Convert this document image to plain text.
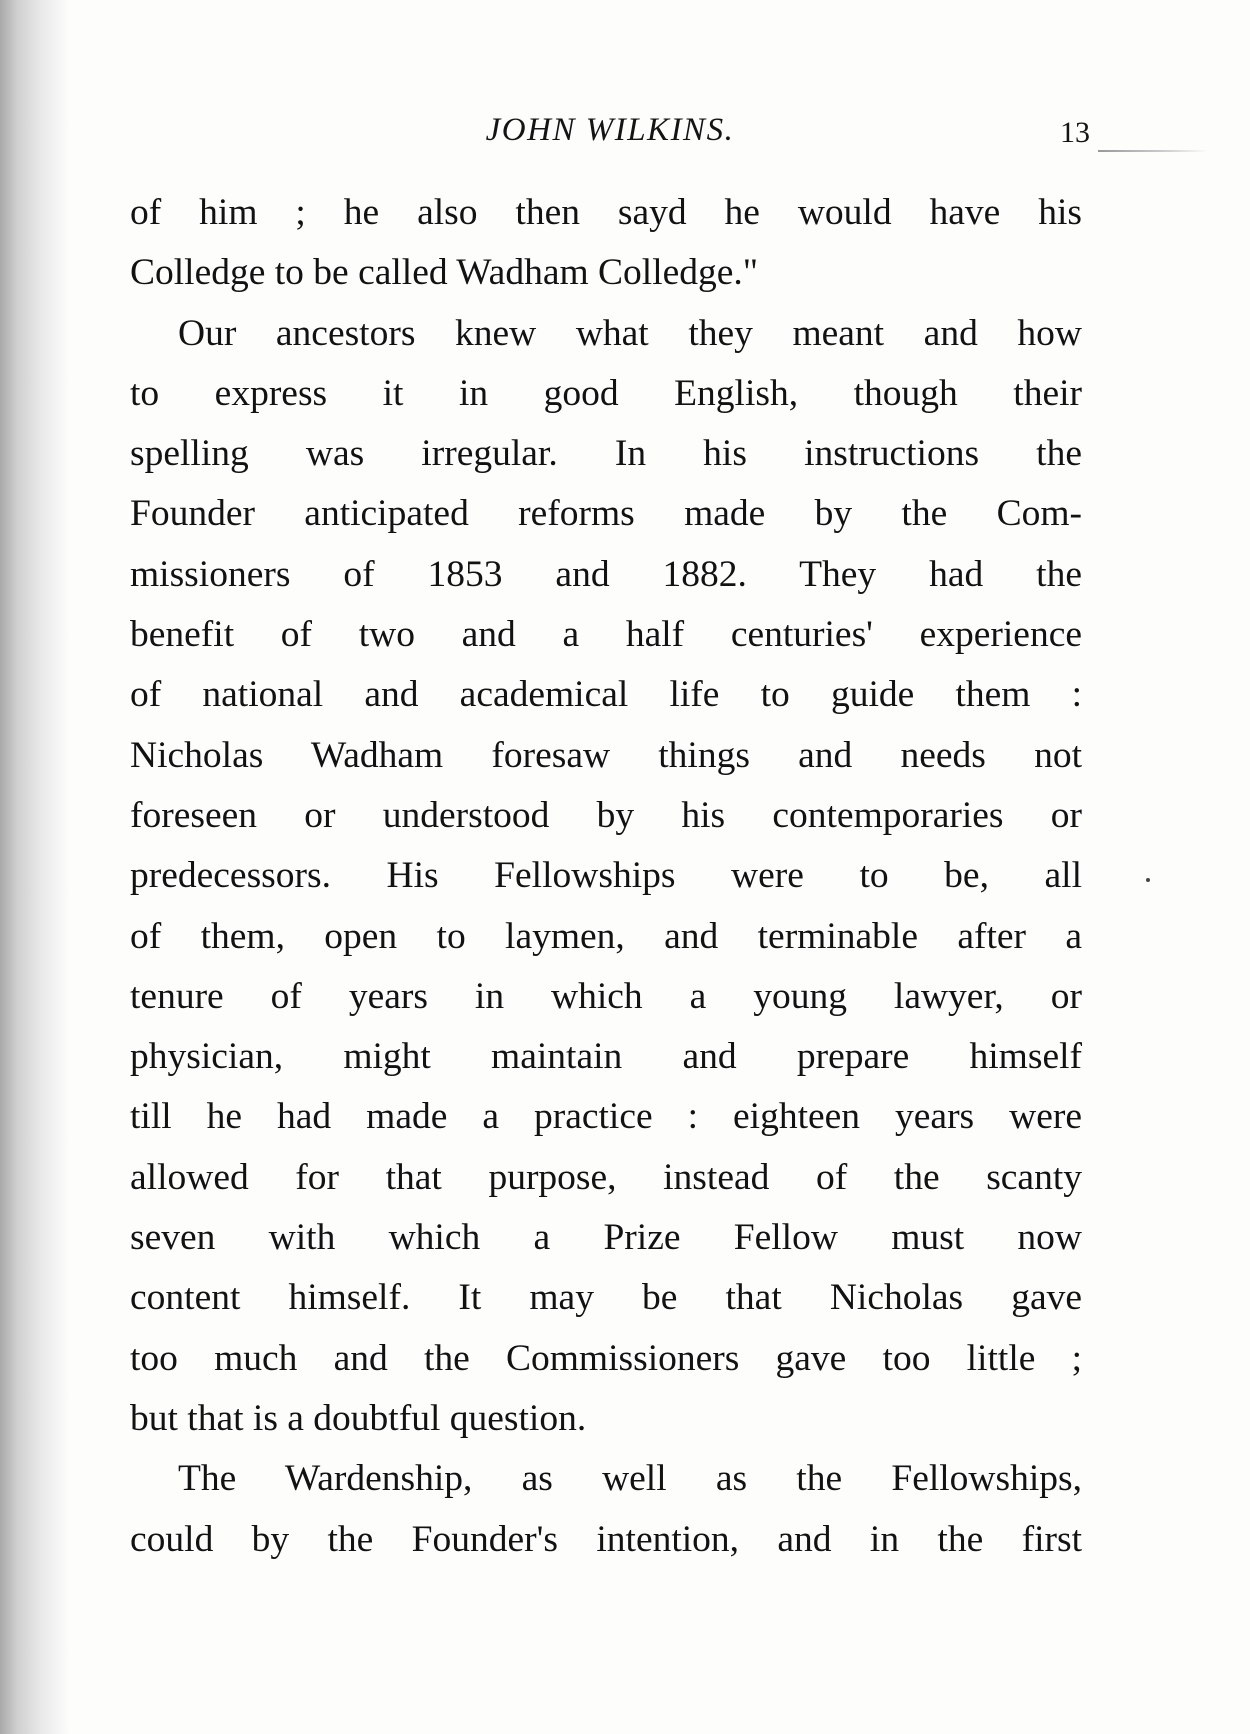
JOHN WILKINS.	13
of him ; he also then sayd he would have his
Colledge to be called Wadham Colledge."
Our ancestors knew what they meant and how
to express it in good English, though their
spelling was irregular. In his instructions the
Founder anticipated reforms made by the Com-
missioners of 1853 and 1882. They had the
benefit of two and a half centuries' experience
of national and academical life to guide them :
Nicholas Wadham foresaw things and needs not
foreseen or understood by his contemporaries or
predecessors. His Fellowships were to be, all
of them, open to laymen, and terminable after a
tenure of years in which a young lawyer, or
physician, might maintain and prepare himself
till he had made a practice : eighteen years were
allowed for that purpose, instead of the scanty
seven with which a Prize Fellow must now
content himself. It may be that Nicholas gave
too much and the Commissioners gave too little ;
but that is a doubtful question.
The Wardenship, as well as the Fellowships,
could by the Founder's intention, and in the first
